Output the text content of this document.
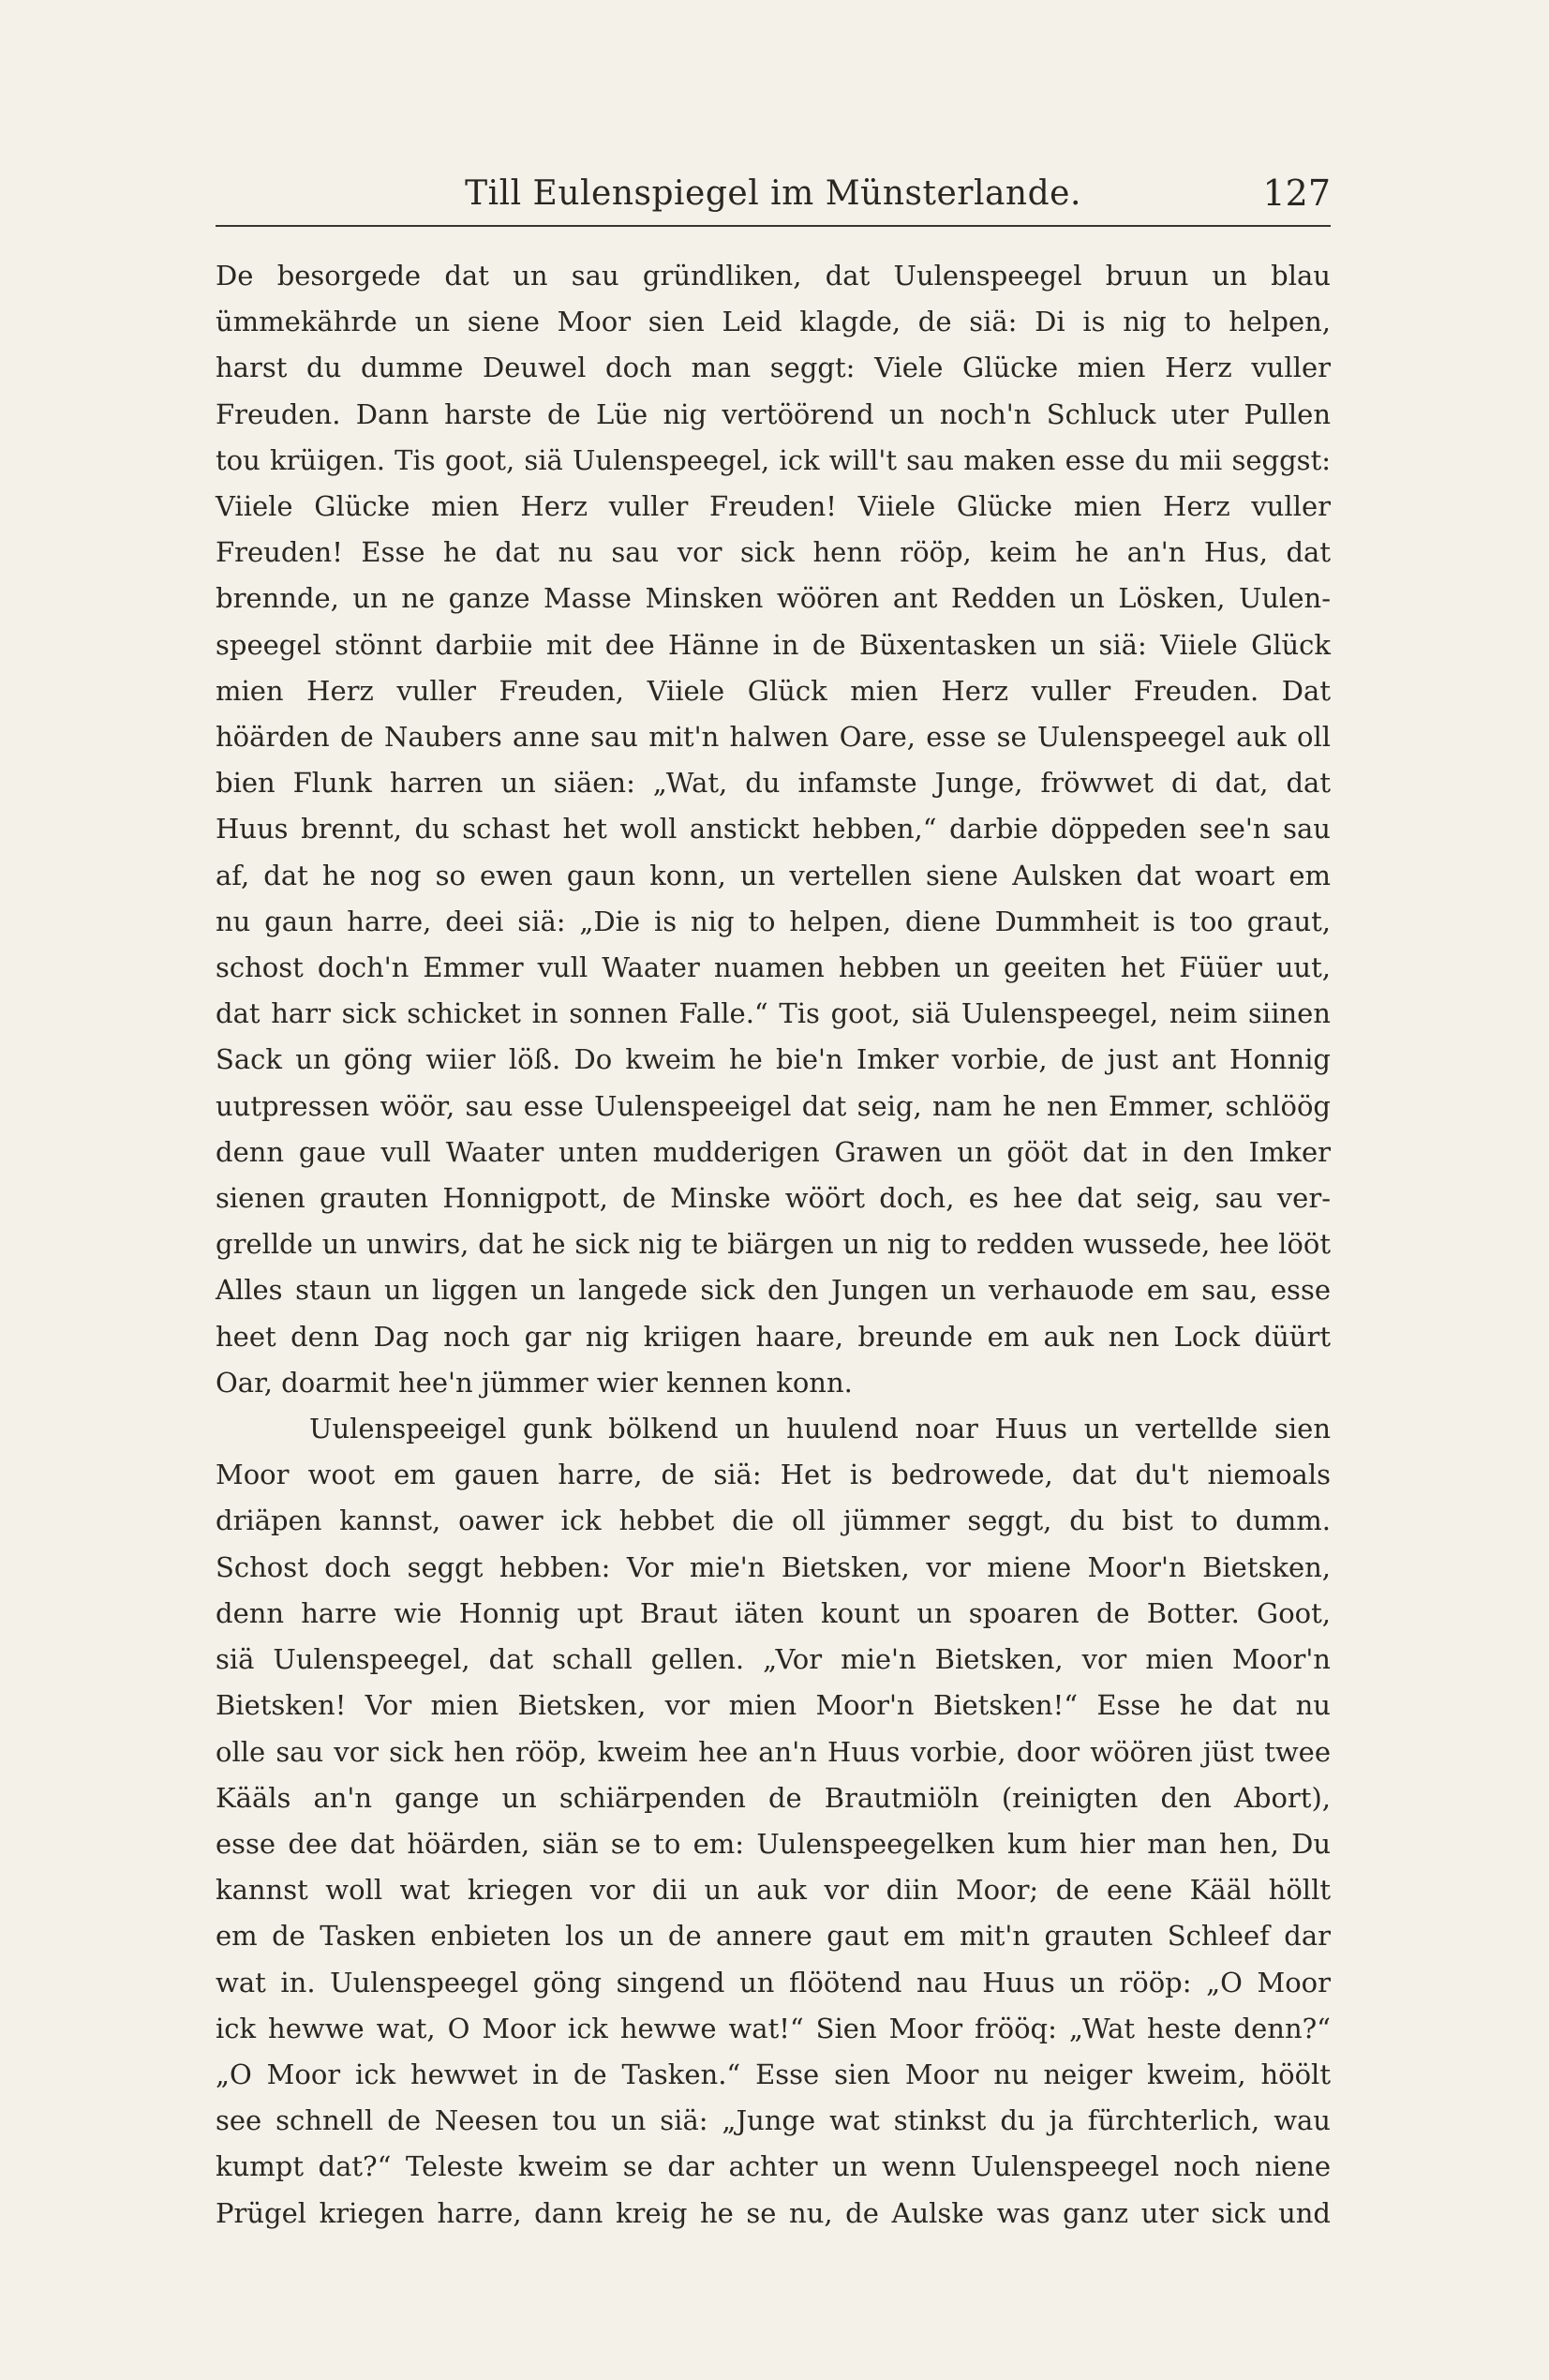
Till Eulenspiegel im Münsterlande.	127

De besorgede dat un sau gründliken, dat Uulenspeegel bruun un blau
ümmekährde un siene Moor sien Leid klagde, de siä: Di is nig to helpen,
harst du dumme Deuwel doch man seggt: Viele Glücke mien Herz vuller
Freuden. Dann harste de Lüe nig vertöörend un noch'n Schluck uter Pullen
tou krüigen. Tis goot, siä Uulenspeegel, ick will't sau maken esse du mii seggst:
Viiele Glücke mien Herz vuller Freuden! Viiele Glücke mien Herz vuller
Freuden! Esse he dat nu sau vor sick henn rööp, keim he an'n Hus, dat
brennde, un ne ganze Masse Minsken wöören ant Redden un Lösken, Uulen-
speegel stönnt darbiie mit dee Hänne in de Büxentasken un siä: Viiele Glück
mien Herz vuller Freuden, Viiele Glück mien Herz vuller Freuden. Dat
höärden de Naubers anne sau mit'n halwen Oare, esse se Uulenspeegel auk oll
bien Flunk harren un siäen: „Wat, du infamste Junge, fröwwet di dat, dat
Huus brennt, du schast het woll anstickt hebben,“ darbie döppeden see'n sau
af, dat he nog so ewen gaun konn, un vertellen siene Aulsken dat woart em
nu gaun harre, deei siä: „Die is nig to helpen, diene Dummheit is too graut,
schost doch'n Emmer vull Waater nuamen hebben un geeiten het Füüer uut,
dat harr sick schicket in sonnen Falle.“ Tis goot, siä Uulenspeegel, neim siinen
Sack un göng wiier löß. Do kweim he bie'n Imker vorbie, de just ant Honnig
uutpressen wöör, sau esse Uulenspeeigel dat seig, nam he nen Emmer, schlöög
denn gaue vull Waater unten mudderigen Grawen un gööt dat in den Imker
sienen grauten Honnigpott, de Minske wöört doch, es hee dat seig, sau ver-
grellde un unwirs, dat he sick nig te biärgen un nig to redden wussede, hee lööt
Alles staun un liggen un langede sick den Jungen un verhauode em sau, esse
heet denn Dag noch gar nig kriigen haare, breunde em auk nen Lock düürt
Oar, doarmit hee'n jümmer wier kennen konn.

Uulenspeeigel gunk bölkend un huulend noar Huus un vertellde sien
Moor woot em gauen harre, de siä: Het is bedrowede, dat du't niemoals
driäpen kannst, oawer ick hebbet die oll jümmer seggt, du bist to dumm.
Schost doch seggt hebben: Vor mie'n Bietsken, vor miene Moor'n Bietsken,
denn harre wie Honnig upt Braut iäten kount un spoaren de Botter. Goot,
siä Uulenspeegel, dat schall gellen. „Vor mie'n Bietsken, vor mien Moor'n
Bietsken! Vor mien Bietsken, vor mien Moor'n Bietsken!“ Esse he dat nu
olle sau vor sick hen rööp, kweim hee an'n Huus vorbie, door wöören jüst twee
Kääls an'n gange un schiärpenden de Brautmiöln (reinigten den Abort),
esse dee dat höärden, siän se to em: Uulenspeegelken kum hier man hen, Du
kannst woll wat kriegen vor dii un auk vor diin Moor; de eene Kääl höllt
em de Tasken enbieten los un de annere gaut em mit'n grauten Schleef dar
wat in. Uulenspeegel göng singend un flöötend nau Huus un rööp: „O Moor
ick hewwe wat, O Moor ick hewwe wat!“ Sien Moor frööq: „Wat heste denn?“
„O Moor ick hewwet in de Tasken.“ Esse sien Moor nu neiger kweim, höölt
see schnell de Neesen tou un siä: „Junge wat stinkst du ja fürchterlich, wau
kumpt dat?“ Teleste kweim se dar achter un wenn Uulenspeegel noch niene
Prügel kriegen harre, dann kreig he se nu, de Aulske was ganz uter sick und
